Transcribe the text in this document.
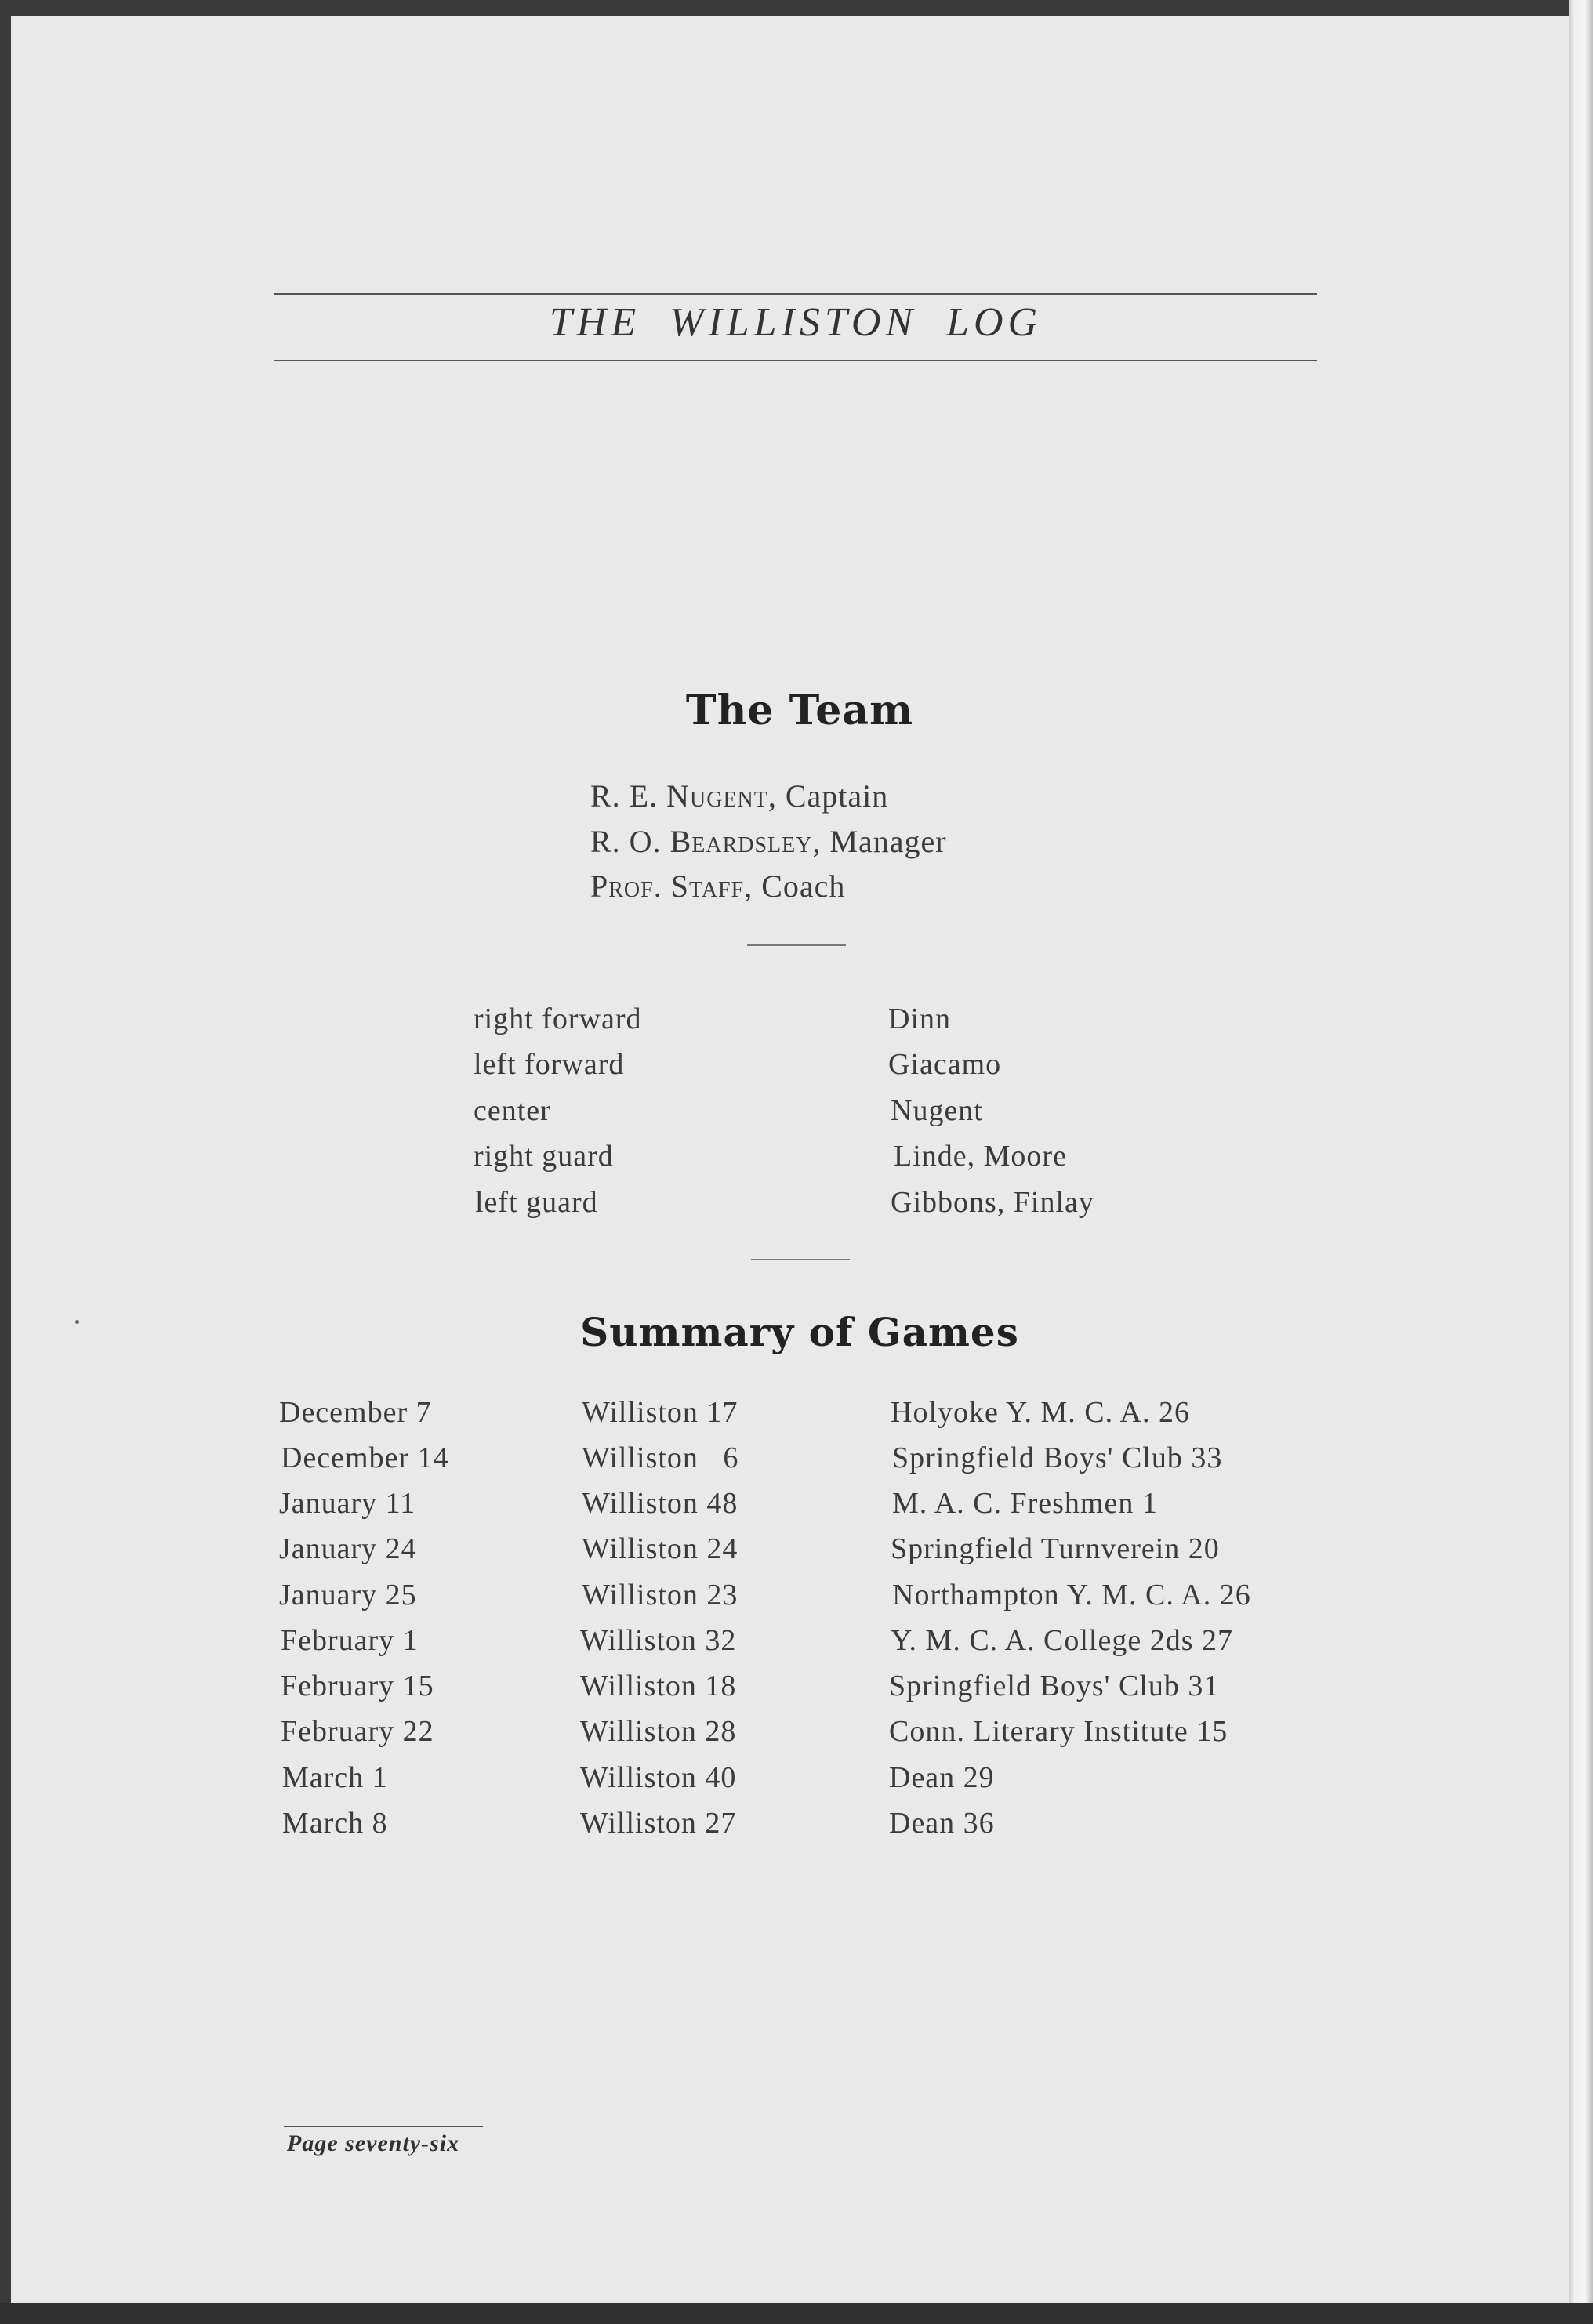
THE WILLISTON LOG
The Team
R. E. Nugent, Captain
R. O. Beardsley, Manager
Prof. Staff, Coach
right forward	Dinn
left forward	Giacamo
center	Nugent
right guard	Linde, Moore
left guard	Gibbons, Finlay
Summary of Games
December 7	Williston 17	Holyoke Y. M. C. A. 26
December 14	Williston   6	Springfield Boys' Club 33
January 11	Williston 48	M. A. C. Freshmen 1
January 24	Williston 24	Springfield Turnverein 20
January 25	Williston 23	Northampton Y. M. C. A. 26
February 1	Williston 32	Y. M. C. A. College 2ds 27
February 15	Williston 18	Springfield Boys' Club 31
February 22	Williston 28	Conn. Literary Institute 15
March 1	Williston 40	Dean 29
March 8	Williston 27	Dean 36
Page seventy-six
